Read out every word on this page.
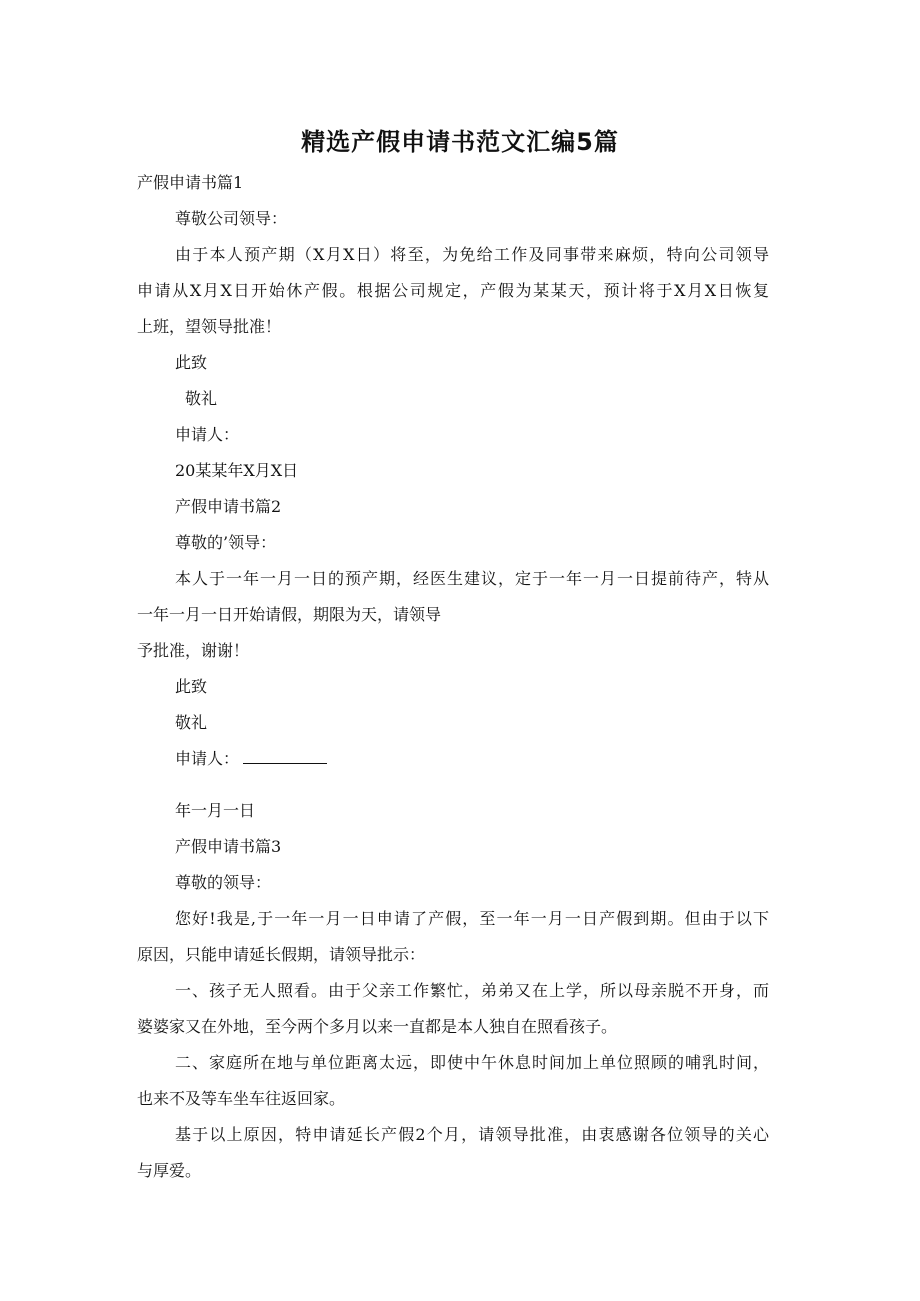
精选产假申请书范文汇编5篇
产假申请书篇1
尊敬公司领导：
由于本人预产期（X月X日）将至，为免给工作及同事带来麻烦，特向公司领导
申请从X月X日开始休产假。根据公司规定，产假为某某天，预计将于X月X日恢复
上班，望领导批准！
此致
敬礼
申请人：
20某某年X月X日
产假申请书篇2
尊敬的’领导：
本人于一年一月一日的预产期，经医生建议，定于一年一月一日提前待产，特从
一年一月一日开始请假，期限为天，请领导
予批准，谢谢！
此致
敬礼
申请人：
年一月一日
产假申请书篇3
尊敬的领导：
您好!我是,于一年一月一日申请了产假，至一年一月一日产假到期。但由于以下
原因，只能申请延长假期，请领导批示：
一、孩子无人照看。由于父亲工作繁忙，弟弟又在上学，所以母亲脱不开身，而
婆婆家又在外地，至今两个多月以来一直都是本人独自在照看孩子。
二、家庭所在地与单位距离太远，即使中午休息时间加上单位照顾的哺乳时间，
也来不及等车坐车往返回家。
基于以上原因，特申请延长产假2个月，请领导批准，由衷感谢各位领导的关心
与厚爱。
